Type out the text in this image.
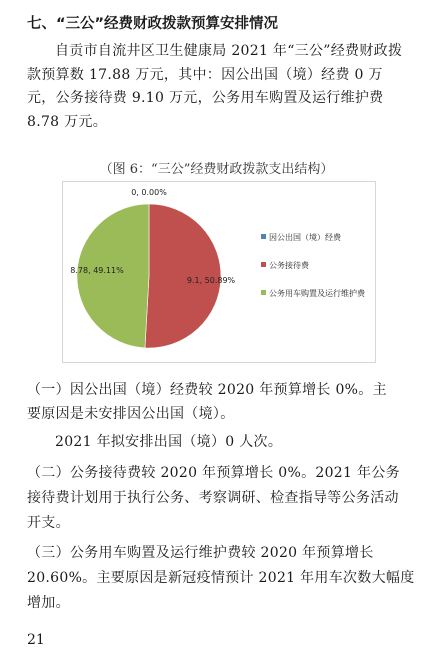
七、“三公”经费财政拨款预算安排情况
自贡市自流井区卫生健康局 2021 年“三公”经费财政拨款预算数 17.88 万元，其中：因公出国（境）经费 0 万元，公务接待费 9.10 万元，公务用车购置及运行维护费 8.78 万元。
（图 6：“三公”经费财政拨款支出结构）
0, 0.00%
9.1, 50.89%
8.78, 49.11%
因公出国（境）经费
公务接待费
公务用车购置及运行维护费
（一）因公出国（境）经费较 2020 年预算增长 0%。主
要原因是未安排因公出国（境）。
2021 年拟安排出国（境）0 人次。
（二）公务接待费较 2020 年预算增长 0%。2021 年公务
接待费计划用于执行公务、考察调研、检查指导等公务活动
开支。
（三）公务用车购置及运行维护费较 2020 年预算增长
20.60%。主要原因是新冠疫情预计 2021 年用车次数大幅度
增加。
21
